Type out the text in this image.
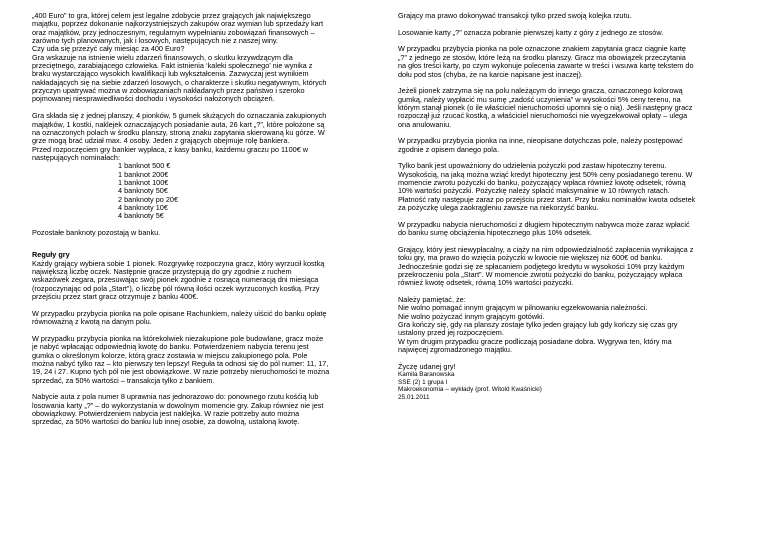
„400 Euro” to gra, której celem jest legalne zdobycie przez grających jak największego
majątku, poprzez dokonanie najkorzystniejszych zakupów oraz wymian lub sprzedaży kart
oraz majątków, przy jednoczesnym, regularnym wypełnianiu zobowiązań finansowych –
zarówno tych planowanych, jak i losowych, następujących nie z naszej winy.
Czy uda się przeżyć cały miesiąc za 400 Euro?
Gra wskazuje na istnienie wielu zdarzeń finansowych, o skutku krzywdzącym dla
przeciętnego, zarabiającego człowieka. Fakt istnienia ‘kaleki społecznego’ nie wynika z
braku wystarczająco wysokich kwalifikacji lub wykształcenia. Zazwyczaj jest wynikiem
nakładających się na siebie zdarzeń losowych, o charakterze i skutku negatywnym, których
przyczyn upatrywać można w zobowiązaniach nakładanych przez państwo i szeroko
pojmowanej niesprawiedliwości dochodu i wysokości nałożonych obciążeń.

Gra składa się z jednej planszy, 4 pionków, 5 gumek służących do oznaczania zakupionych
majątków, 1 kostki, naklejek oznaczających posiadanie auta, 26 kart „?”, które położone są
na oznaczonych polach w środku planszy, stroną znaku zapytania skierowaną ku górze. W
grze mogą brać udział max. 4 osoby. Jeden z grających obejmuje rolę bankiera.
Przed rozpoczęciem gry bankier wypłaca, z kasy banku, każdemu graczu po 1100€ w
następujących nominałach:

1 banknot 500 €
1 banknot 200€
1 banknot 100€
4 banknoty 50€
2 banknoty po 20€
4 banknoty 10€
4 banknoty 5€

Pozostałe banknoty pozostają w banku.

Reguły gry

Każdy grający wybiera sobie 1 pionek. Rozgrywkę rozpoczyna gracz, który wyrzucił kostką
największą liczbę oczek. Następnie gracze przystępują do gry zgodnie z ruchem
wskazówek zegara, przesuwając swój pionek zgodnie z rosnącą numeracją dni miesiąca
(rozpoczynając od pola „Start”), o liczbę pól równą ilości oczek wyrzuconych kostką. Przy
przejściu przez start gracz otrzymuje z banku 400€.

W przypadku przybycia pionka na pole opisane Rachunkiem, należy uiścić do banku opłatę
równoważną z kwotą na danym polu.

W przypadku przybycia pionka na którekolwiek niezakupione pole budowlane, gracz może
je nabyć wpłacając odpowiednią kwotę do banku. Potwierdzeniem nabycia terenu jest
gumka o określonym kolorze, którą gracz zostawia w miejscu zakupionego pola. Pole
można nabyć tylko raz – kto pierwszy ten lepszy! Reguła ta odnosi się do pól numer: 11, 17,
19, 24 i 27. Kupno tych pól nie jest obowiązkowe. W razie potrzeby nieruchomości te można
sprzedać, za 50% wartości – transakcja tylko z bankiem.

Nabycie auta z pola numer 8 uprawnia nas jednorazowo do: ponownego rzutu kośćią lub
losowania karty „?” – do wykorzystania w dowolnym momencie gry. Zakup równiez nie jest
obowiązkowy. Potwierdzeniem nabycia jest naklejka. W razie potrzeby auto można
sprzedać, za 50% wartości do banku lub innej osobie, za dowolną, ustaloną kwotę.

Grający ma prawo dokonywać transakcji tylko przed swoją kolejka rzutu.

Losowanie karty „?” oznacza pobranie pierwszej karty z góry z jednego ze stosów.

W przypadku przybycia pionka na pole oznaczone znakiem zapytania gracz ciągnie kartę
„?” z jednego ze stosów, które leżą na środku planszy. Gracz ma obowiązek przeczytania
na głos treści karty, po czym wykonuje polecenia zawarte w treści i wsuwa kartę tekstem do
dołu pod stos (chyba, że na karcie napisane jest inaczej).

Jeżeli pionek zatrzyma się na polu należącym do innego gracza, oznaczonego kolorową
gumką, należy wypłacić mu sumę „zadość uczynienia” w wysokości 5% ceny terenu, na
którym stanął pionek (o ile właściciel nieruchomości upomni się o nią). Jeśli następny gracz
rozpoczął już rzucać kostką, a właściciel nieruchomości nie wyegzekwował opłaty – ulega
ona anulowaniu.

W przypadku przybycia pionka na inne, nieopisane dotychczas pole, należy postępować
zgodnie z opisem danego pola.

Tylko bank jest upoważniony do udzielenia pożyczki pod zastaw hipoteczny terenu.
Wysokością, na jaką można wziąć kredyt hipoteczny jest 50% ceny posiadanego terenu. W
momencie zwrotu pożyczki do banku, pożyczający wpłaca również kwotę odsetek, równą
10% wartości pożyczki. Pożyczkę należy spłacić maksymalnie w 10 równych ratach.
Płatność raty następuje zaraz po przejściu przez start. Przy braku nominałów kwota odsetek
za pożyczkę ulega zaokrągleniu zawsze na niekorzyść banku.

W przypadku nabycia nieruchomości z długiem hipotecznym nabywca może zaraz wpłacić
do banku sumę obciążenia hipotecznego plus 10% odsetek.

Grający, który jest niewypłacalny, a ciąży na nim odpowiedzialność zapłacenia wynikająca z
toku gry, ma prawo do wzięcia pożyczki w kwocie nie większej niż 600€ od banku.
Jednocześnie godzi się ze spłacaniem podjętego kredytu w wysokości 10% przy każdym
przekroczeniu pola „Start”. W momencie zwrotu pożyczki do banku, pożyczający wpłaca
również kwotę odsetek, równą 10% wartości pożyczki.

Należy pamiętać, że:
Nie wolno pomagać innym grającym w pilnowaniu egzekwowania należności.
Nie wolno pożyczać innym grającym gotówki.
Gra kończy się, gdy na planszy zostaje tylko jeden grający lub gdy kończy się czas gry
ustalony przed jej rozpoczęciem.
W tym drugim przypadku gracze podliczają posiadane dobra. Wygrywa ten, który ma
najwięcej zgromadzonego majątku.

Życzę udanej gry!

Kamila Baranowska
SSE (2) 1 grupa I
Makroekonomia – wykłady (prof. Witold Kwaśnicki)
25.01.2011
